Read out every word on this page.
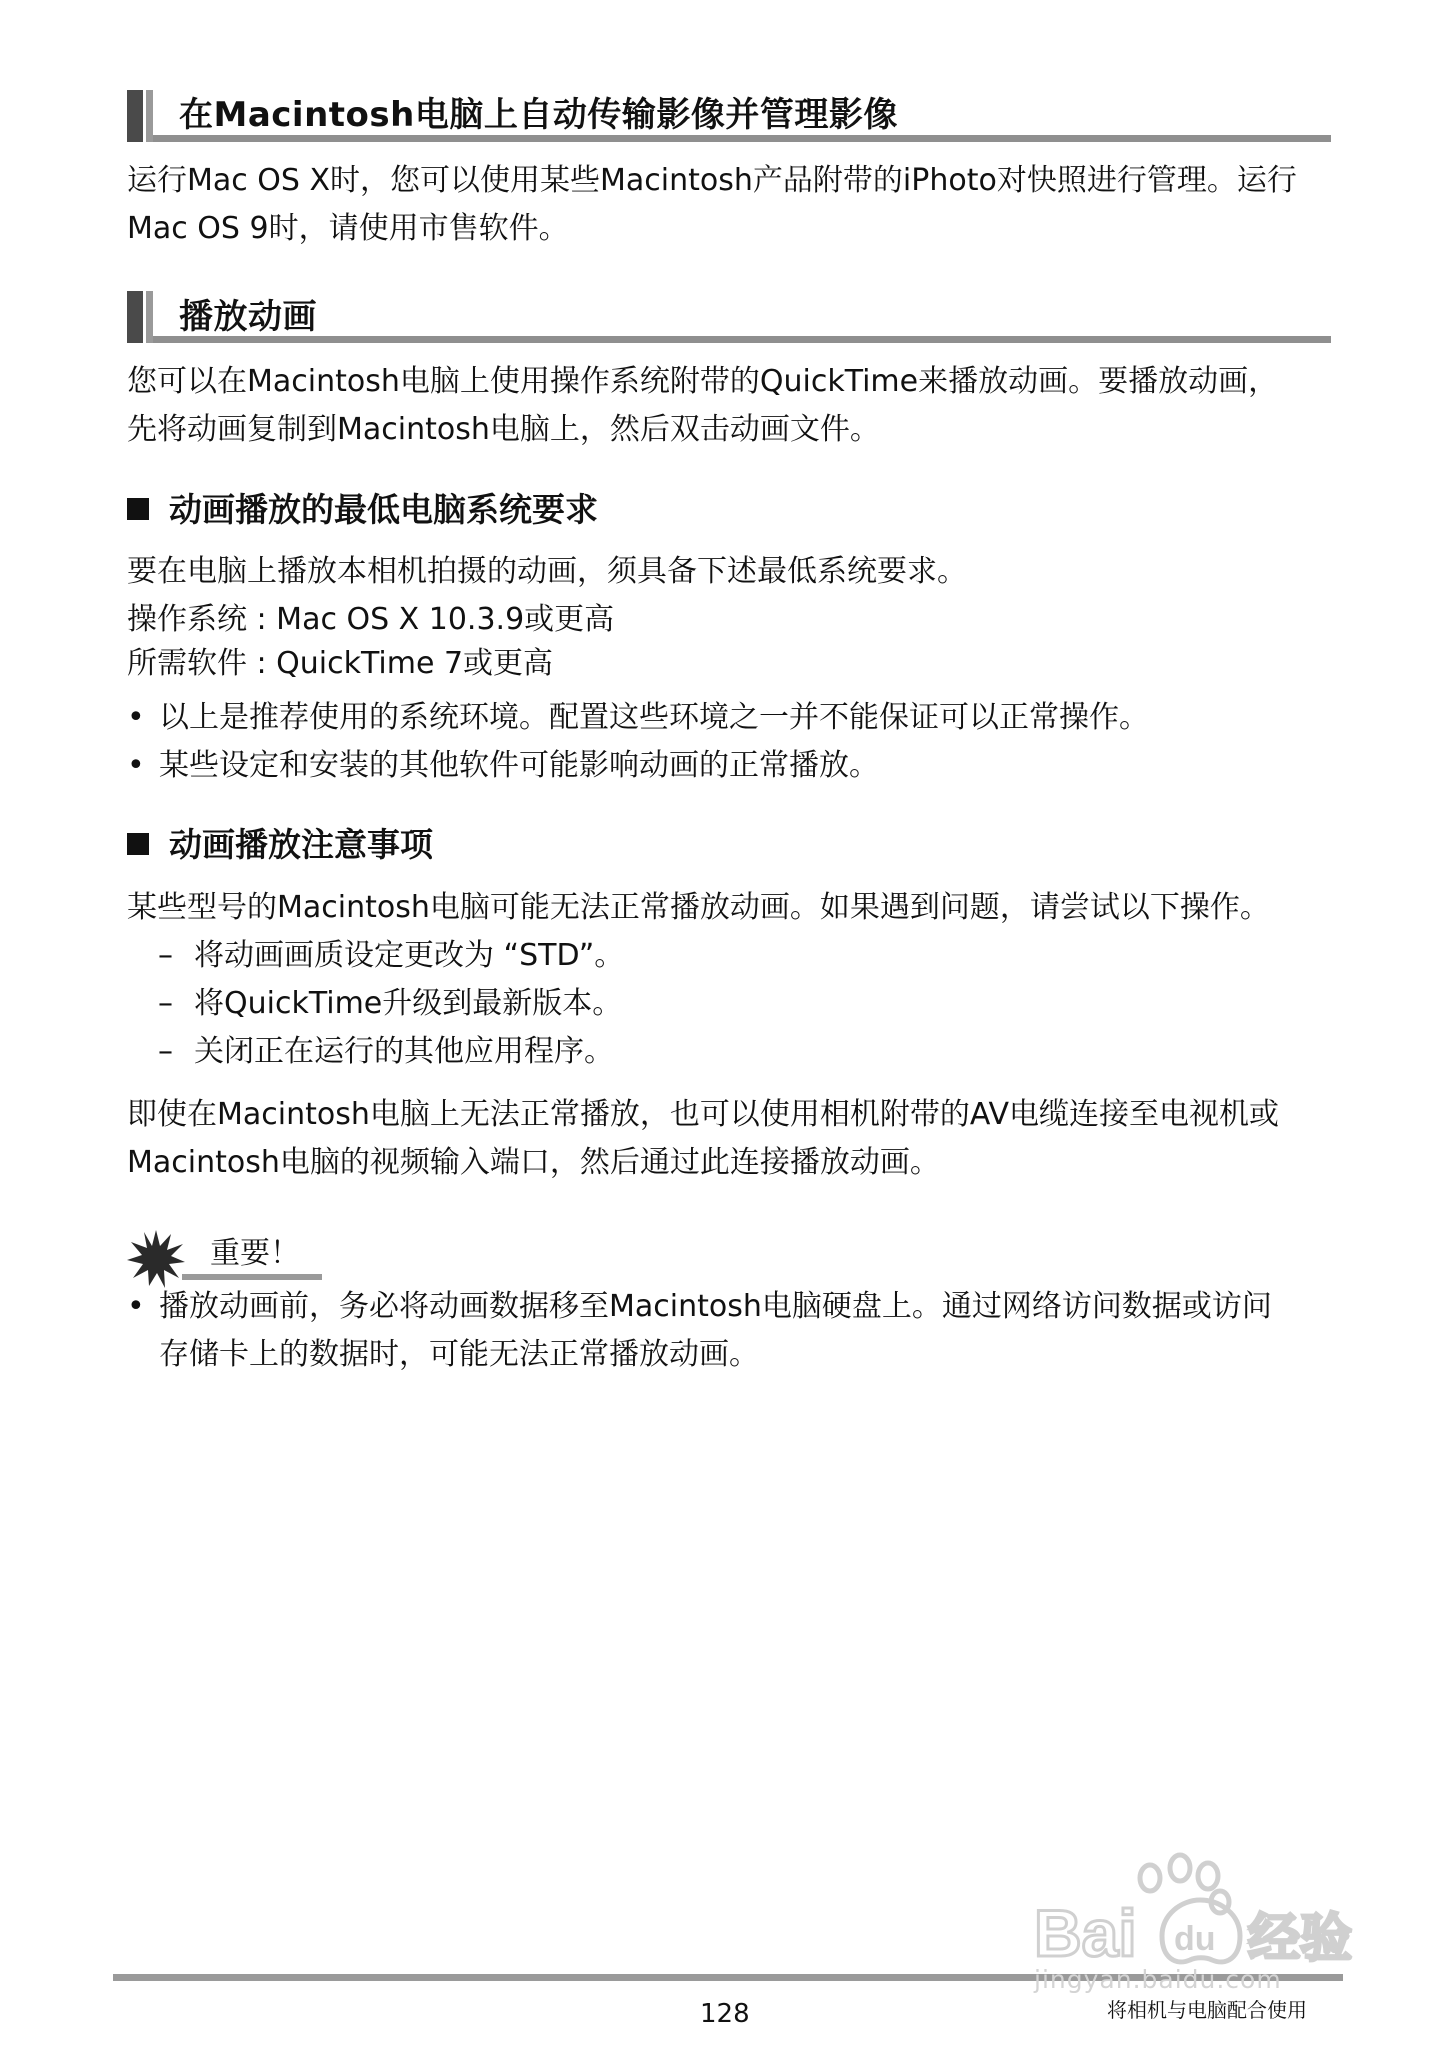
在Macintosh电脑上自动传输影像并管理影像
运行Mac OS X时，您可以使用某些Macintosh产品附带的iPhoto对快照进行管理。运行
Mac OS 9时，请使用市售软件。
播放动画
您可以在Macintosh电脑上使用操作系统附带的QuickTime来播放动画。要播放动画，
先将动画复制到Macintosh电脑上，然后双击动画文件。
动画播放的最低电脑系统要求
要在电脑上播放本相机拍摄的动画，须具备下述最低系统要求。
操作系统 : Mac OS X 10.3.9或更高
所需软件 : QuickTime 7或更高
• 以上是推荐使用的系统环境。配置这些环境之一并不能保证可以正常操作。
• 某些设定和安装的其他软件可能影响动画的正常播放。
动画播放注意事项
某些型号的Macintosh电脑可能无法正常播放动画。如果遇到问题，请尝试以下操作。
– 将动画画质设定更改为 “STD”。
– 将QuickTime升级到最新版本。
– 关闭正在运行的其他应用程序。
即使在Macintosh电脑上无法正常播放，也可以使用相机附带的AV电缆连接至电视机或
Macintosh电脑的视频输入端口，然后通过此连接播放动画。
重要！
• 播放动画前，务必将动画数据移至Macintosh电脑硬盘上。通过网络访问数据或访问
存储卡上的数据时，可能无法正常播放动画。
Bai du 经验
jingyan.baidu.com
128	将相机与电脑配合使用
